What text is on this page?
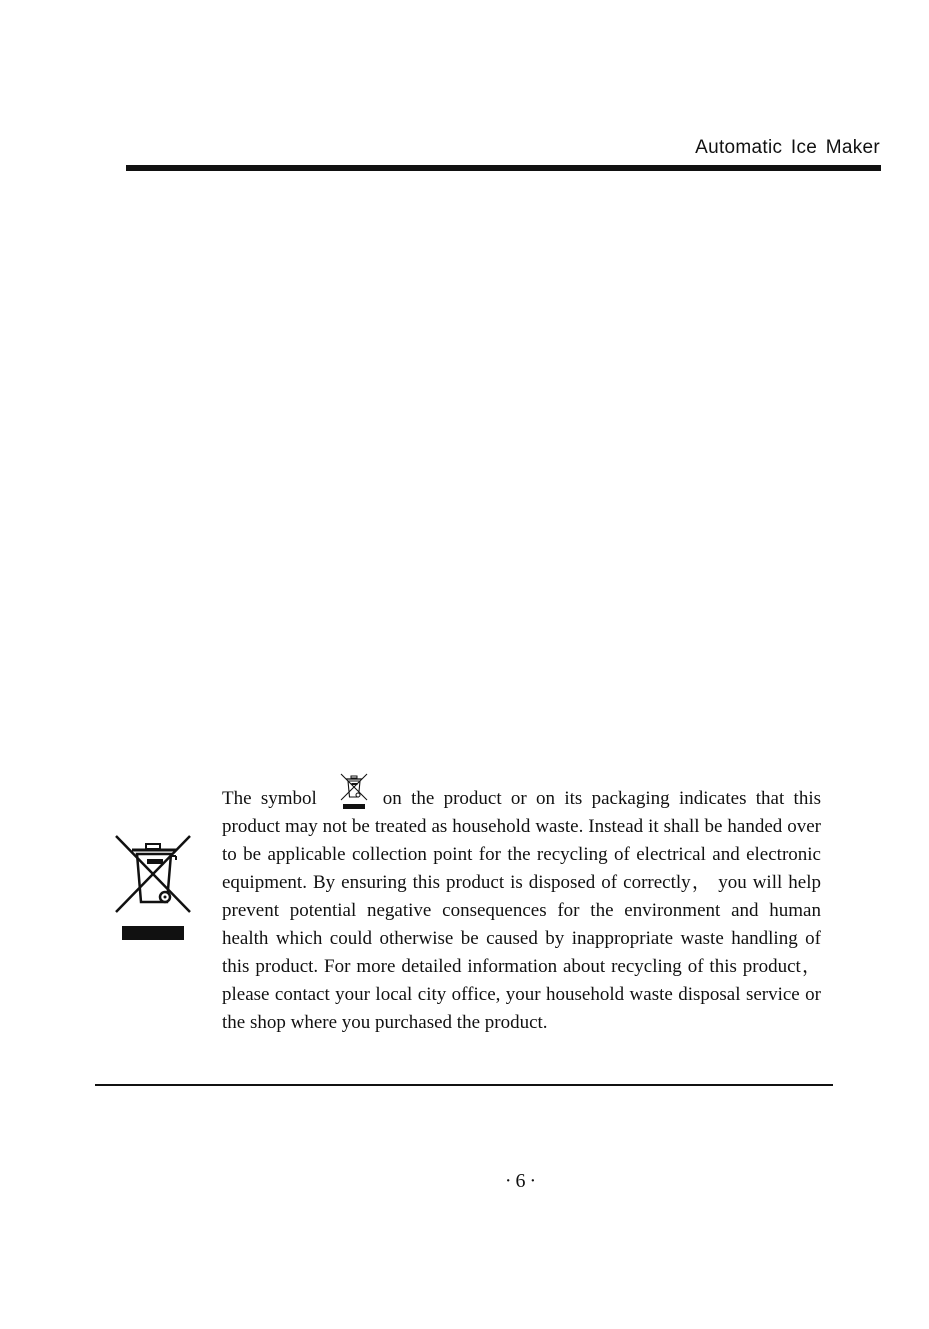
Automatic Ice Maker

The symbol	on the product or on its packaging indicates that this product may not be treated as household waste. Instead it shall be handed over to be applicable collection point for the recycling of electrical and electronic equipment. By ensuring this product is disposed of correctly， you will help prevent potential negative consequences for the environment and human health which could otherwise be caused by inappropriate waste handling of this product. For more detailed information about recycling of this product， please contact your local city office, your household waste disposal service or the shop where you purchased the product.

·6·
